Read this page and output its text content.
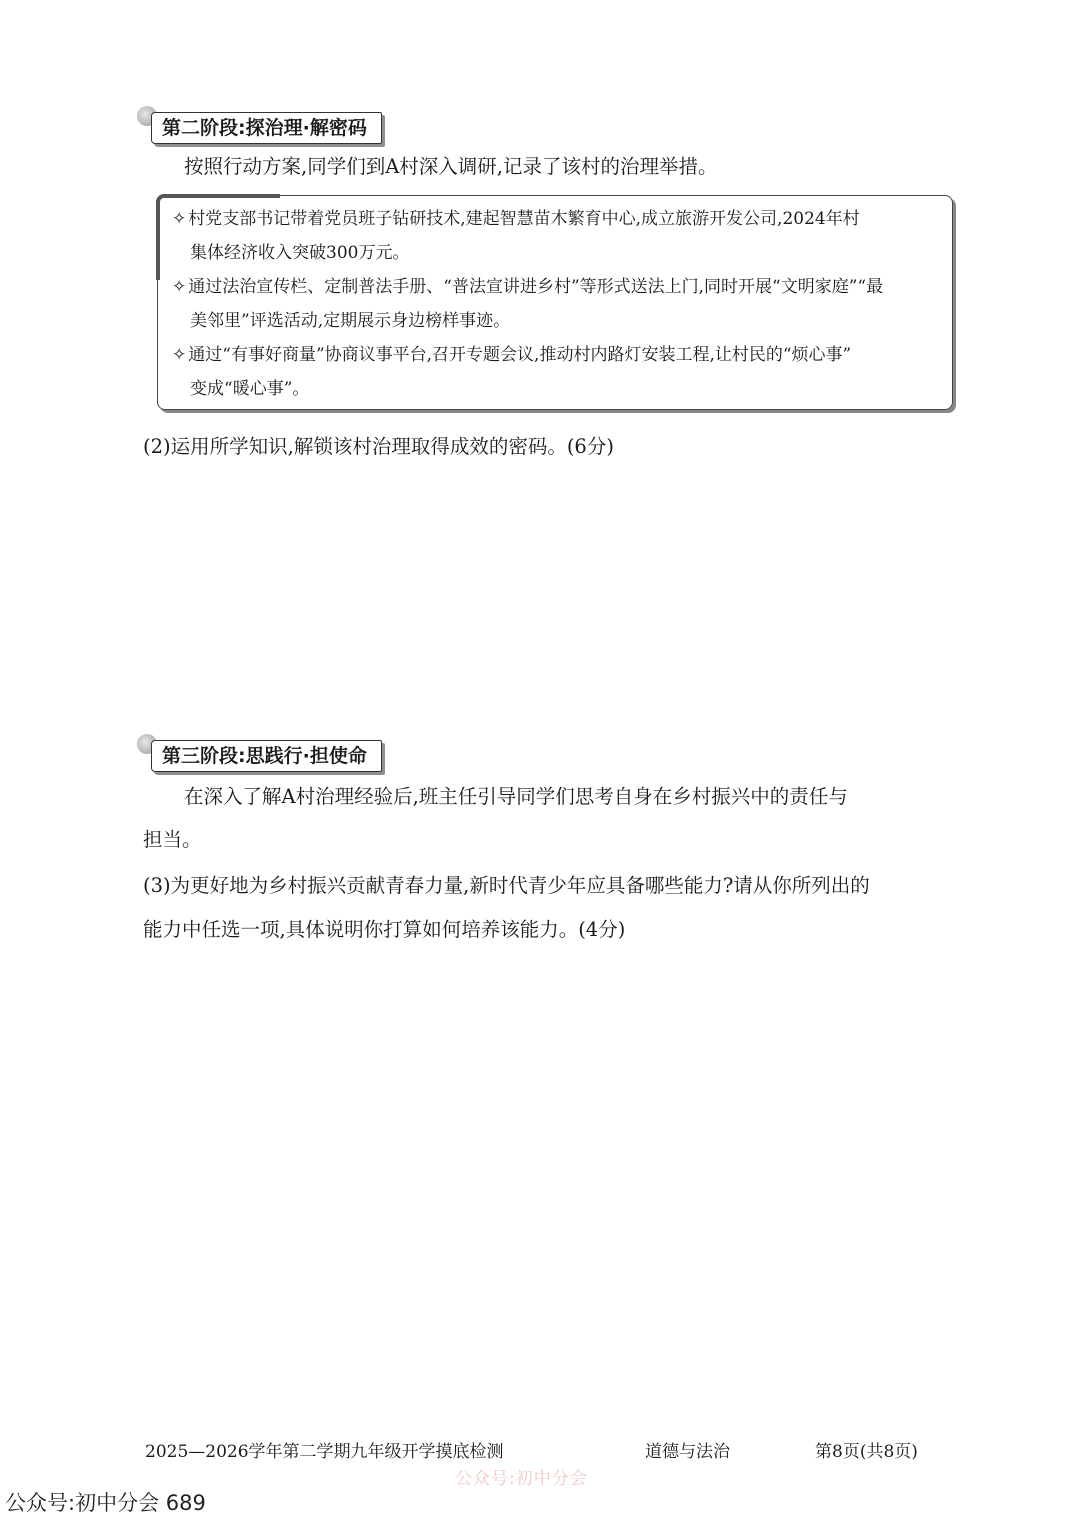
第二阶段:探治理·解密码
按照行动方案,同学们到A村深入调研,记录了该村的治理举措。
✧ 村党支部书记带着党员班子钻研技术,建起智慧苗木繁育中心,成立旅游开发公司,2024年村
集体经济收入突破300万元。
✧ 通过法治宣传栏、定制普法手册、“普法宣讲进乡村”等形式送法上门,同时开展“文明家庭”“最
美邻里”评选活动,定期展示身边榜样事迹。
✧ 通过“有事好商量”协商议事平台,召开专题会议,推动村内路灯安装工程,让村民的“烦心事”
变成“暖心事”。
(2)运用所学知识,解锁该村治理取得成效的密码。(6分)
第三阶段:思践行·担使命
在深入了解A村治理经验后,班主任引导同学们思考自身在乡村振兴中的责任与
担当。
(3)为更好地为乡村振兴贡献青春力量,新时代青少年应具备哪些能力?请从你所列出的
能力中任选一项,具体说明你打算如何培养该能力。(4分)
2025—2026学年第二学期九年级开学摸底检测	道德与法治	第8页(共8页)
公众号:初中分会
公众号:初中分会 689
